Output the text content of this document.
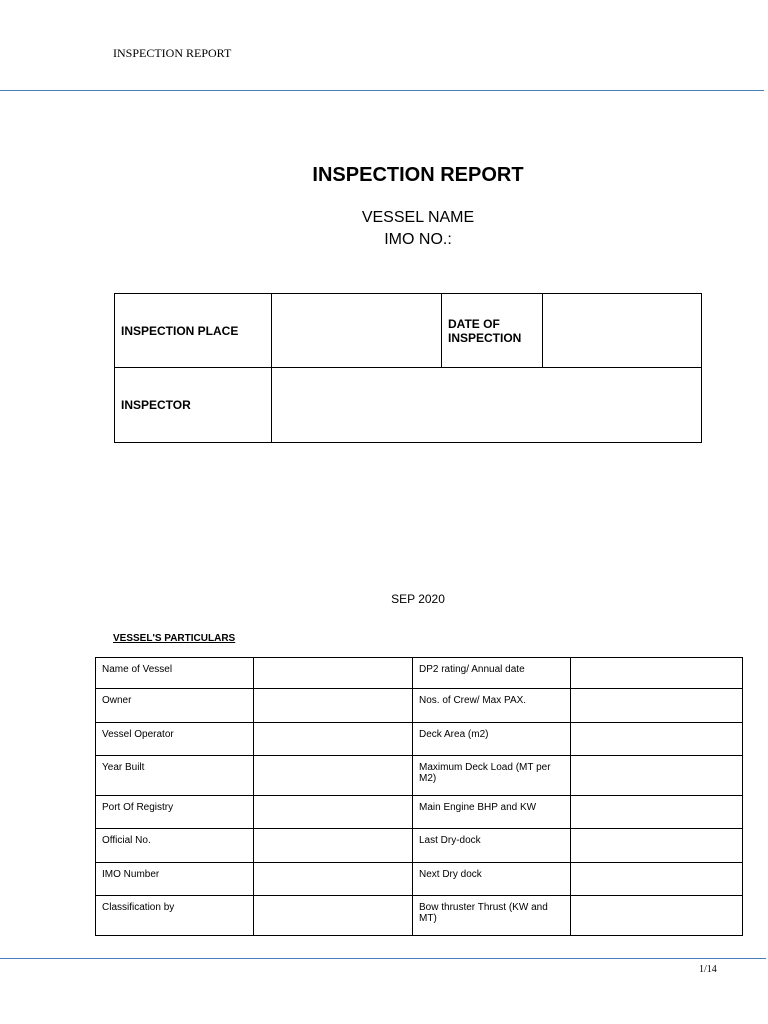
INSPECTION REPORT
INSPECTION REPORT
VESSEL NAME
IMO NO.:
INSPECTION PLACE		DATE OF INSPECTION	
INSPECTOR			
SEP 2020
VESSEL'S PARTICULARS
Name of Vessel		DP2 rating/ Annual date	
Owner		Nos. of Crew/ Max PAX.	
Vessel Operator		Deck Area (m2)	
Year Built		Maximum Deck Load (MT per M2)	
Port Of Registry		Main Engine BHP and KW	
Official No.		Last Dry-dock	
IMO Number		Next Dry dock	
Classification by		Bow thruster Thrust (KW and MT)	
1/14
